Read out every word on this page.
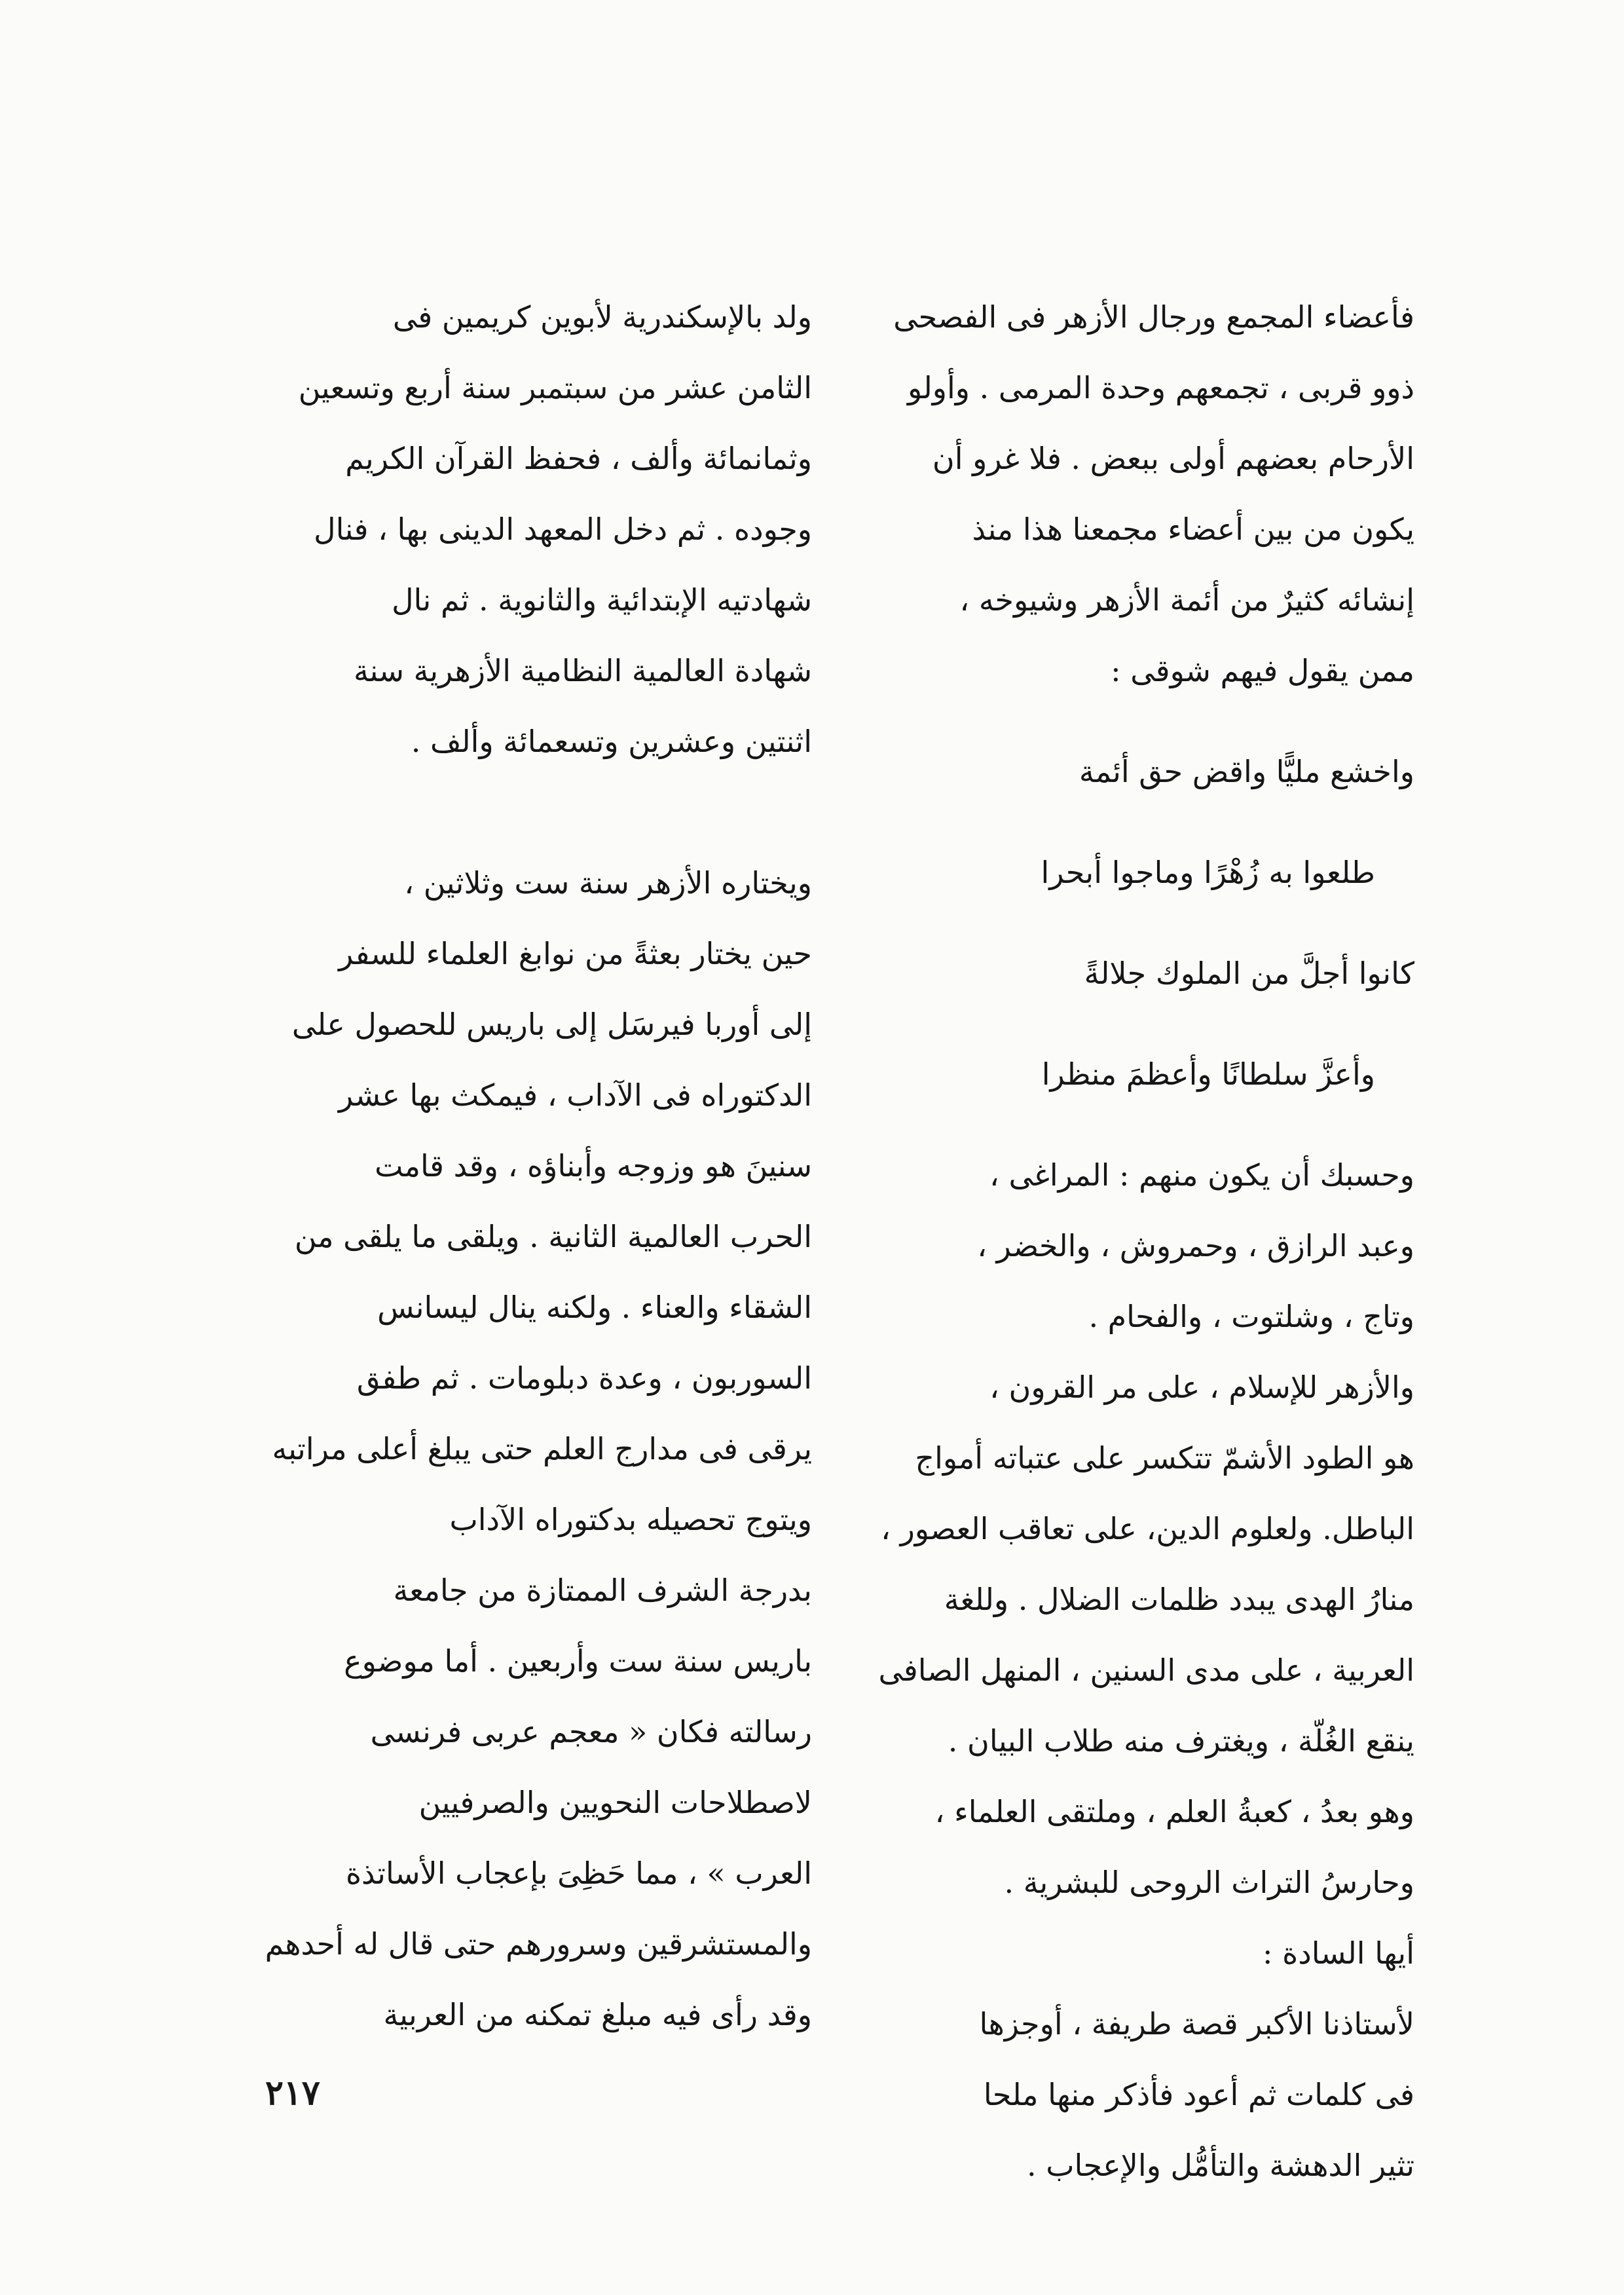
فأعضاء المجمع ورجال الأزهر فى الفصحى

ذوو قربى ، تجمعهم وحدة المرمى . وأولو

الأرحام بعضهم أولى ببعض . فلا غرو أن

يكون من بين أعضاء مجمعنا هذا منذ

إنشائه كثيرٌ من أئمة الأزهر وشيوخه ،

ممن يقول فيهم شوقى :

واخشع مليًّا واقض حق أئمة

طلعوا به زُهْرًا وماجوا أبحرا

كانوا أجلَّ من الملوك جلالةً

وأعزَّ سلطانًا وأعظمَ منظرا

وحسبك أن يكون منهم : المراغى ،

وعبد الرازق ، وحمروش ، والخضر ،

وتاج ، وشلتوت ، والفحام .

والأزهر للإسلام ، على مر القرون ،

هو الطود الأشمّ تتكسر على عتباته أمواج

الباطل. ولعلوم الدين، على تعاقب العصور ،

منارُ الهدى يبدد ظلمات الضلال . وللغة

العربية ، على مدى السنين ، المنهل الصافى

ينقع الغُلّة ، ويغترف منه طلاب البيان .

وهو بعدُ ، كعبةُ العلم ، وملتقى العلماء ،

وحارسُ التراث الروحى للبشرية .

أيها السادة :

لأستاذنا الأكبر قصة طريفة ، أوجزها

فى كلمات ثم أعود فأذكر منها ملحا

تثير الدهشة والتأمُّل والإعجاب .

ولد بالإسكندرية لأبوين كريمين فى

الثامن عشر من سبتمبر سنة أربع وتسعين

وثمانمائة وألف ، فحفظ القرآن الكريم

وجوده . ثم دخل المعهد الدينى بها ، فنال

شهادتيه الإبتدائية والثانوية . ثم نال

شهادة العالمية النظامية الأزهرية سنة

اثنتين وعشرين وتسعمائة وألف .

ويختاره الأزهر سنة ست وثلاثين ،

حين يختار بعثةً من نوابغ العلماء للسفر

إلى أوربا فيرسَل إلى باريس للحصول على

الدكتوراه فى الآداب ، فيمكث بها عشر

سنينَ هو وزوجه وأبناؤه ، وقد قامت

الحرب العالمية الثانية . ويلقى ما يلقى من

الشقاء والعناء . ولكنه ينال ليسانس

السوربون ، وعدة دبلومات . ثم طفق

يرقى فى مدارج العلم حتى يبلغ أعلى مراتبه

ويتوج تحصيله بدكتوراه الآداب

بدرجة الشرف الممتازة من جامعة

باريس سنة ست وأربعين . أما موضوع

رسالته فكان « معجم عربى فرنسى

لاصطلاحات النحويين والصرفيين

العرب » ، مما حَظِىَ بإعجاب الأساتذة

والمستشرقين وسرورهم حتى قال له أحدهم

وقد رأى فيه مبلغ تمكنه من العربية

٢١٧
